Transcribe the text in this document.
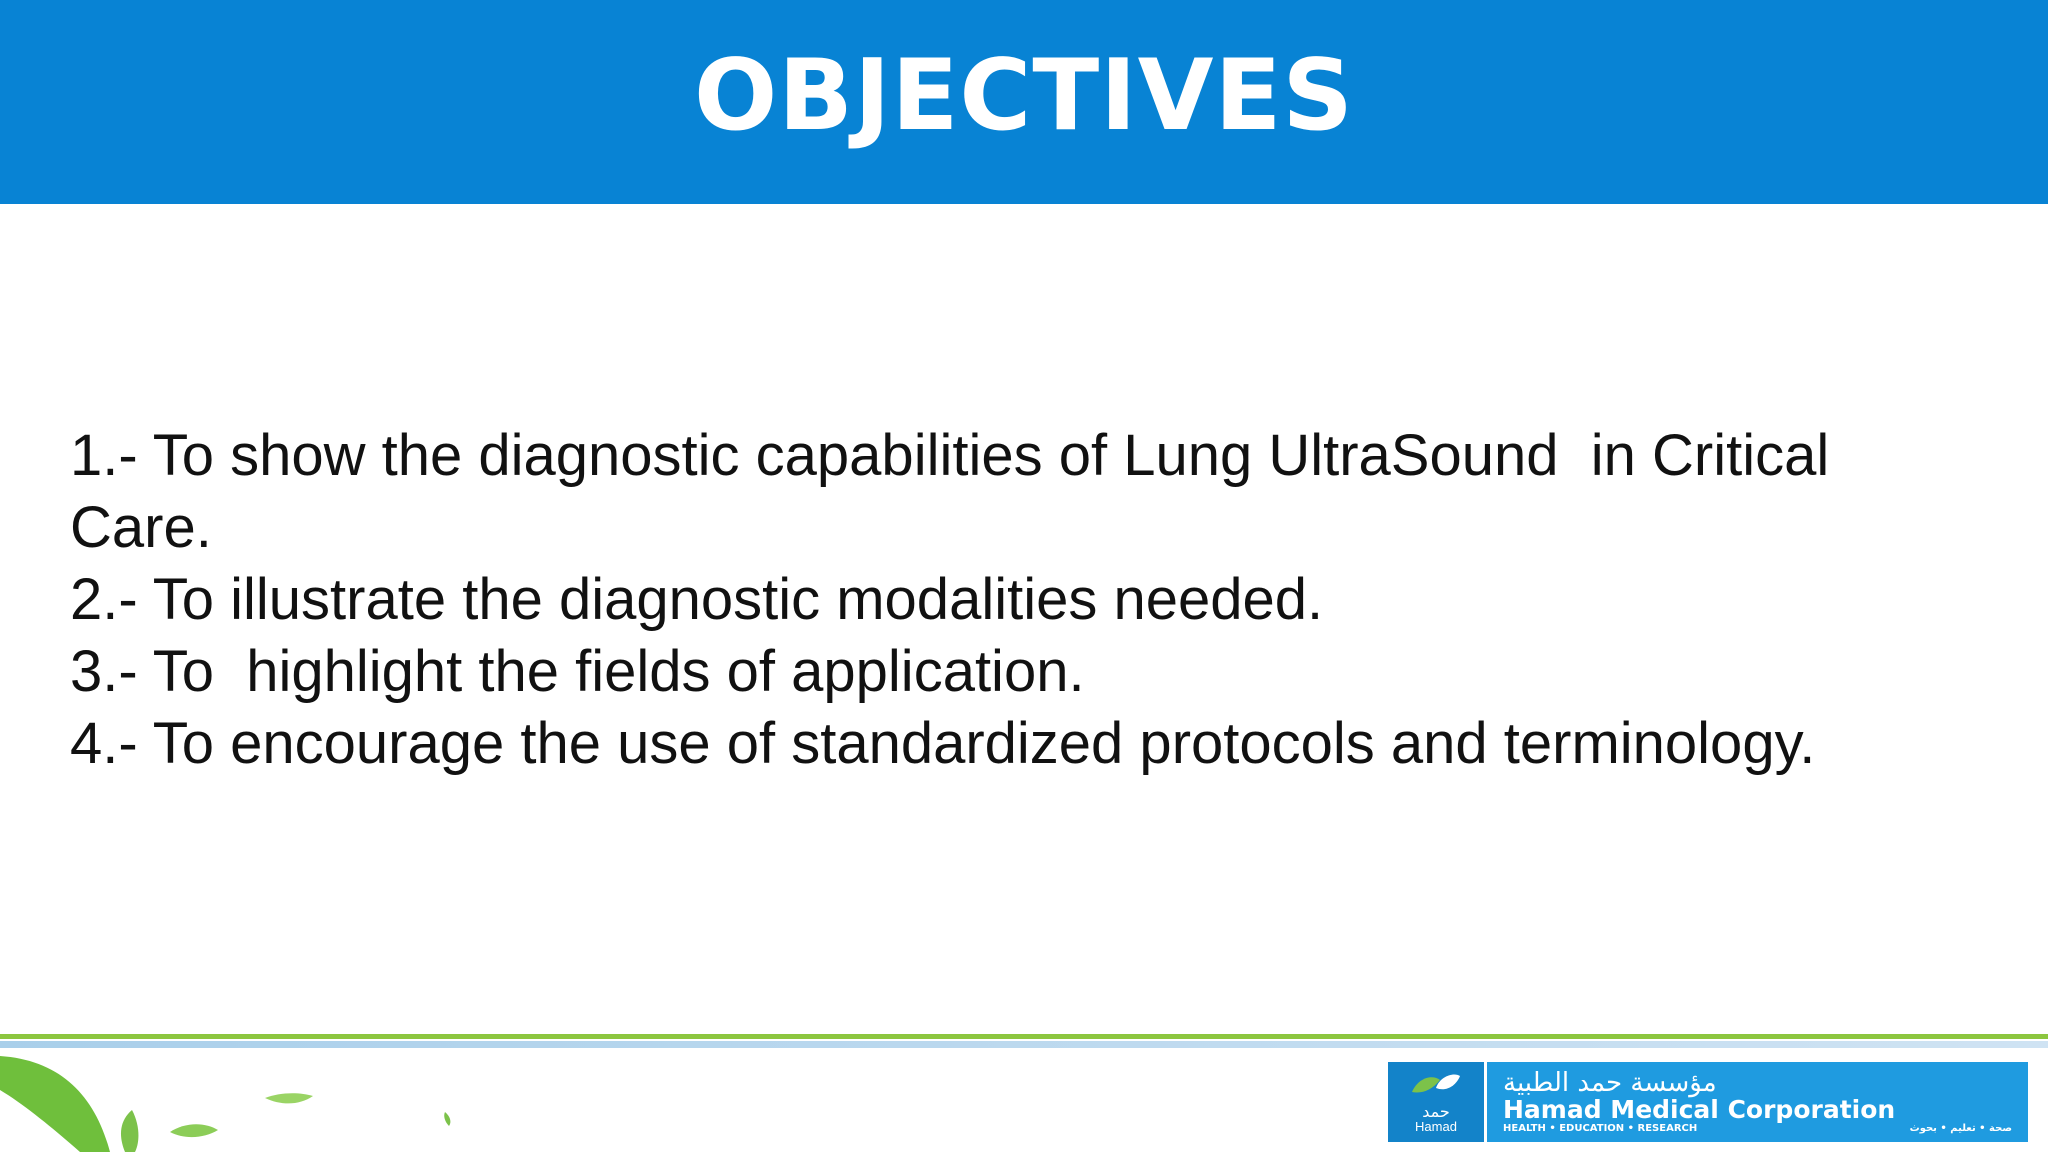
OBJECTIVES
1.- To show the diagnostic capabilities of Lung UltraSound  in Critical
Care.
2.- To illustrate the diagnostic modalities needed.
3.- To  highlight the fields of application.
4.- To encourage the use of standardized protocols and terminology.
حمد
Hamad
مؤسسة حمد الطبية
Hamad Medical Corporation
HEALTH • EDUCATION • RESEARCH	صحة • تعليم • بحوث
